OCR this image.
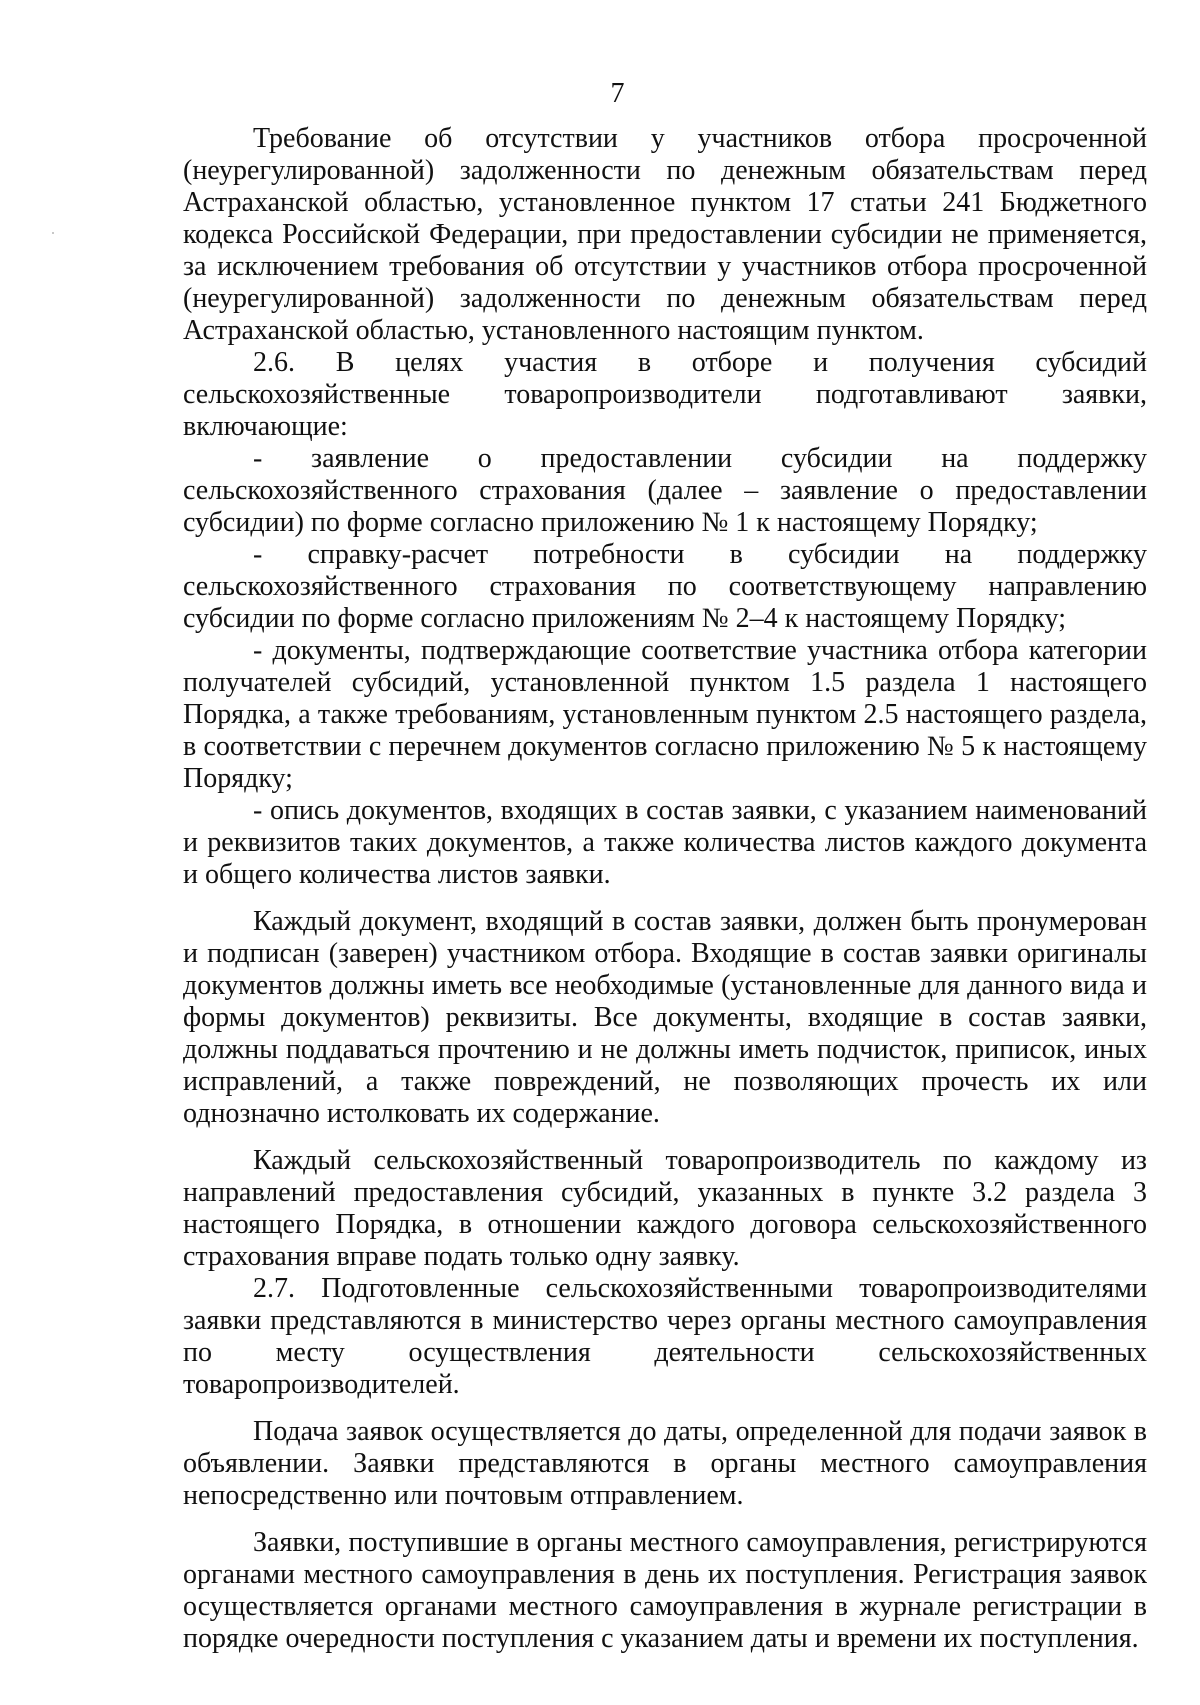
7

Требование об отсутствии у участников отбора просроченной (неурегулированной) задолженности по денежным обязательствам перед Астраханской областью, установленное пунктом 17 статьи 241 Бюджетного кодекса Российской Федерации, при предоставлении субсидии не применяется, за исключением требования об отсутствии у участников отбора просроченной (неурегулированной) задолженности по денежным обязательствам перед Астраханской областью, установленного настоящим пунктом.

2.6. В целях участия в отборе и получения субсидий сельскохозяйственные товаропроизводители подготавливают заявки, включающие:

- заявление о предоставлении субсидии на поддержку сельскохозяйственного страхования (далее – заявление о предоставлении субсидии) по форме согласно приложению № 1 к настоящему Порядку;

- справку-расчет потребности в субсидии на поддержку сельскохозяйственного страхования по соответствующему направлению субсидии по форме согласно приложениям № 2–4 к настоящему Порядку;

- документы, подтверждающие соответствие участника отбора категории получателей субсидий, установленной пунктом 1.5 раздела 1 настоящего Порядка, а также требованиям, установленным пунктом 2.5 настоящего раздела, в соответствии с перечнем документов согласно приложению № 5 к настоящему Порядку;

- опись документов, входящих в состав заявки, с указанием наименований и реквизитов таких документов, а также количества листов каждого документа и общего количества листов заявки.

Каждый документ, входящий в состав заявки, должен быть пронумерован и подписан (заверен) участником отбора. Входящие в состав заявки оригиналы документов должны иметь все необходимые (установленные для данного вида и формы документов) реквизиты. Все документы, входящие в состав заявки, должны поддаваться прочтению и не должны иметь подчисток, приписок, иных исправлений, а также повреждений, не позволяющих прочесть их или однозначно истолковать их содержание.

Каждый сельскохозяйственный товаропроизводитель по каждому из направлений предоставления субсидий, указанных в пункте 3.2 раздела 3 настоящего Порядка, в отношении каждого договора сельскохозяйственного страхования вправе подать только одну заявку.

2.7. Подготовленные сельскохозяйственными товаропроизводителями заявки представляются в министерство через органы местного самоуправления по месту осуществления деятельности сельскохозяйственных товаропроизводителей.

Подача заявок осуществляется до даты, определенной для подачи заявок в объявлении. Заявки представляются в органы местного самоуправления непосредственно или почтовым отправлением.

Заявки, поступившие в органы местного самоуправления, регистрируются органами местного самоуправления в день их поступления. Регистрация заявок осуществляется органами местного самоуправления в журнале регистрации в порядке очередности поступления с указанием даты и времени их поступления.
